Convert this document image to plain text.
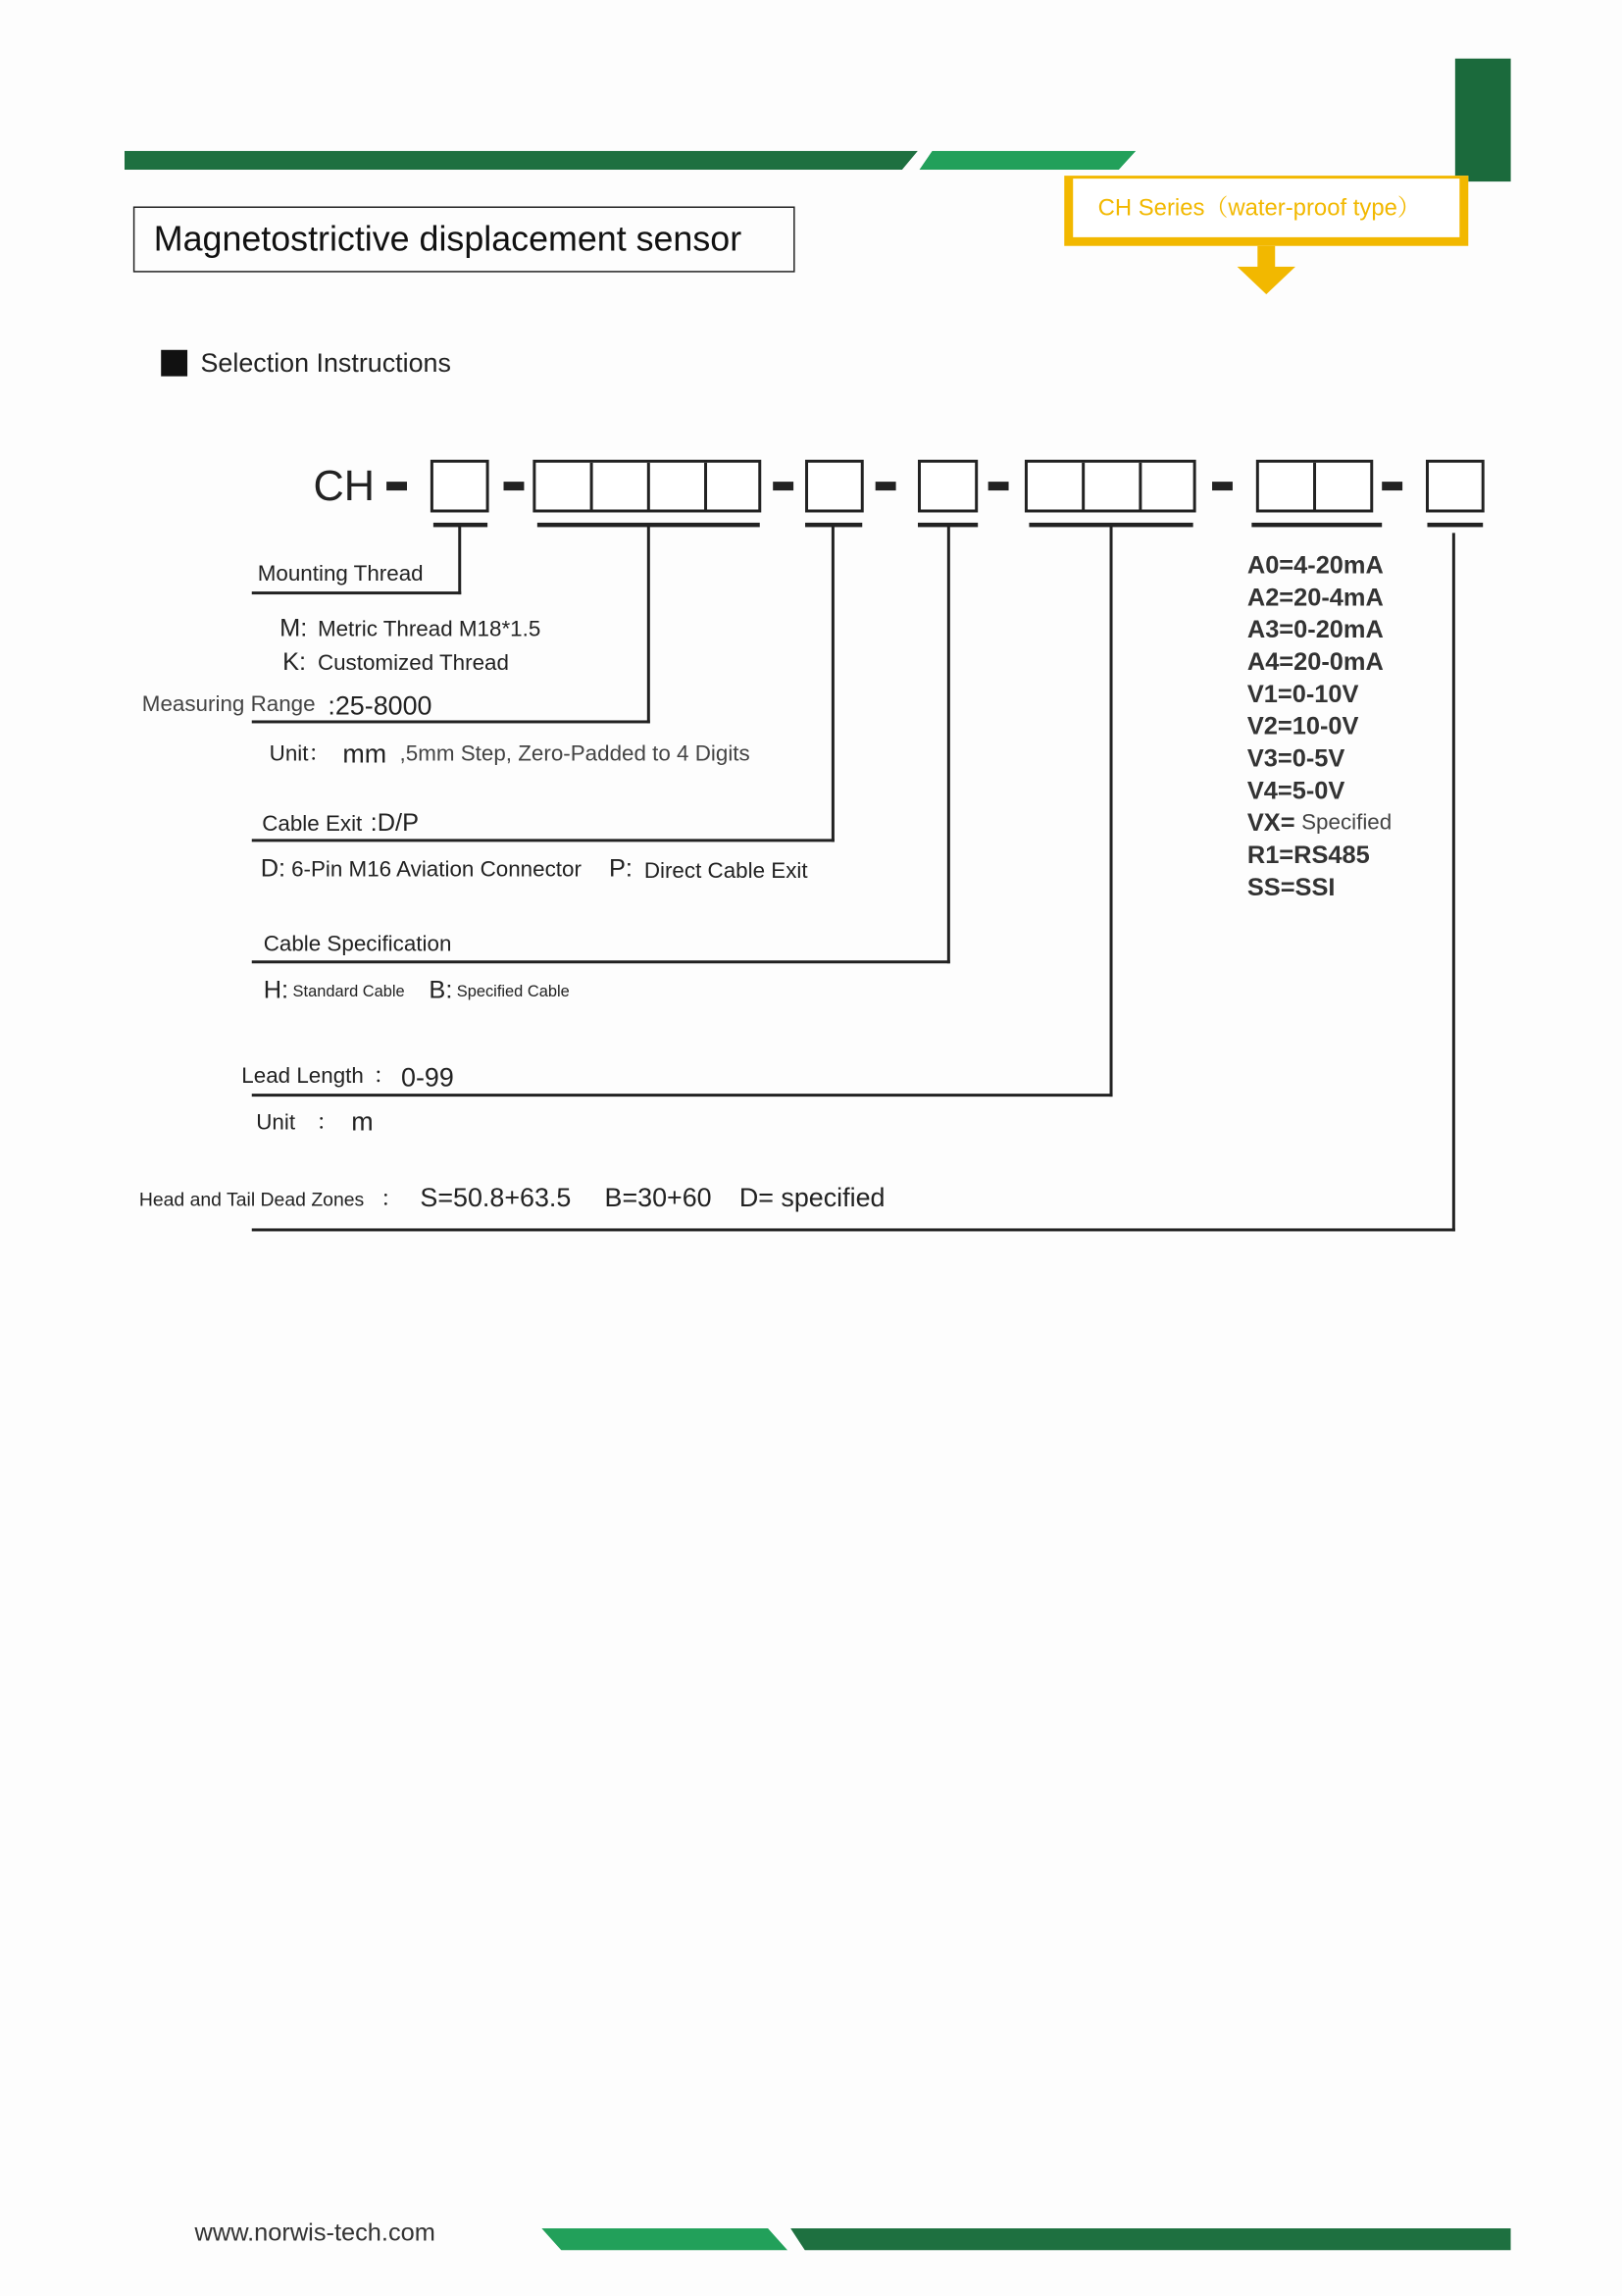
Magnetostrictive displacement sensor
CH Series（water-proof type）
Selection Instructions
CH
Mounting Thread
M: Metric Thread M18*1.5
K: Customized Thread
Measuring Range :25-8000
Unit： mm ,5mm Step, Zero-Padded to 4 Digits
Cable Exit :D/P
D: 6-Pin M16 Aviation Connector P: Direct Cable Exit
Cable Specification
H: Standard Cable B: Specified Cable
Lead Length ： 0-99
Unit ： m
Head and Tail Dead Zones ： S=50.8+63.5 B=30+60 D= specified
A0=4-20mA
A2=20-4mA
A3=0-20mA
A4=20-0mA
V1=0-10V
V2=10-0V
V3=0-5V
V4=5-0V
VX= Specified
R1=RS485
SS=SSI
www.norwis-tech.com
